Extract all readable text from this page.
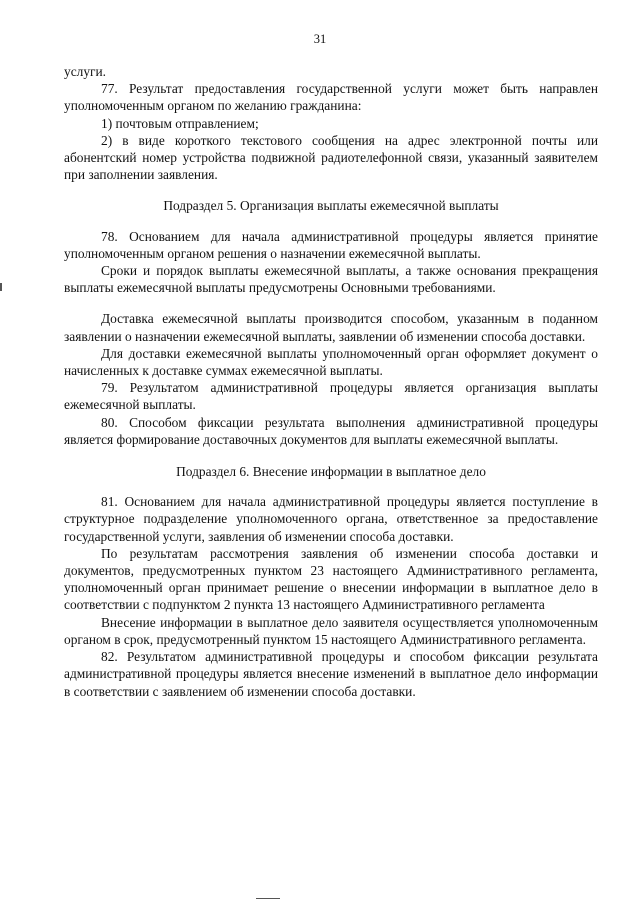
31

услуги.

77. Результат предоставления государственной услуги может быть направлен уполномоченным органом по желанию гражданина:

1) почтовым отправлением;

2) в виде короткого текстового сообщения на адрес электронной почты или абонентский номер устройства подвижной радиотелефонной связи, указанный заявителем при заполнении заявления.

Подраздел 5. Организация выплаты ежемесячной выплаты

78. Основанием для начала административной процедуры является принятие уполномоченным органом решения о назначении ежемесячной выплаты.

Сроки и порядок выплаты ежемесячной выплаты, а также основания прекращения выплаты ежемесячной выплаты предусмотрены Основными требованиями.

Доставка ежемесячной выплаты производится способом, указанным в поданном заявлении о назначении ежемесячной выплаты, заявлении об изменении способа доставки.

Для доставки ежемесячной выплаты уполномоченный орган оформляет документ о начисленных к доставке суммах ежемесячной выплаты.

79. Результатом административной процедуры является организация выплаты ежемесячной выплаты.

80. Способом фиксации результата выполнения административной процедуры является формирование доставочных документов для выплаты ежемесячной выплаты.

Подраздел 6. Внесение информации в выплатное дело

81. Основанием для начала административной процедуры является поступление в структурное подразделение уполномоченного органа, ответственное за предоставление государственной услуги, заявления об изменении способа доставки.

По результатам рассмотрения заявления об изменении способа доставки и документов, предусмотренных пунктом 23 настоящего Административного регламента, уполномоченный орган принимает решение о внесении информации в выплатное дело в соответствии с подпунктом 2 пункта 13 настоящего Административного регламента

Внесение информации в выплатное дело заявителя осуществляется уполномоченным органом в срок, предусмотренный пунктом 15 настоящего Административного регламента.

82. Результатом административной процедуры и способом фиксации результата административной процедуры является внесение изменений в выплатное дело информации в соответствии с заявлением об изменении способа доставки.
